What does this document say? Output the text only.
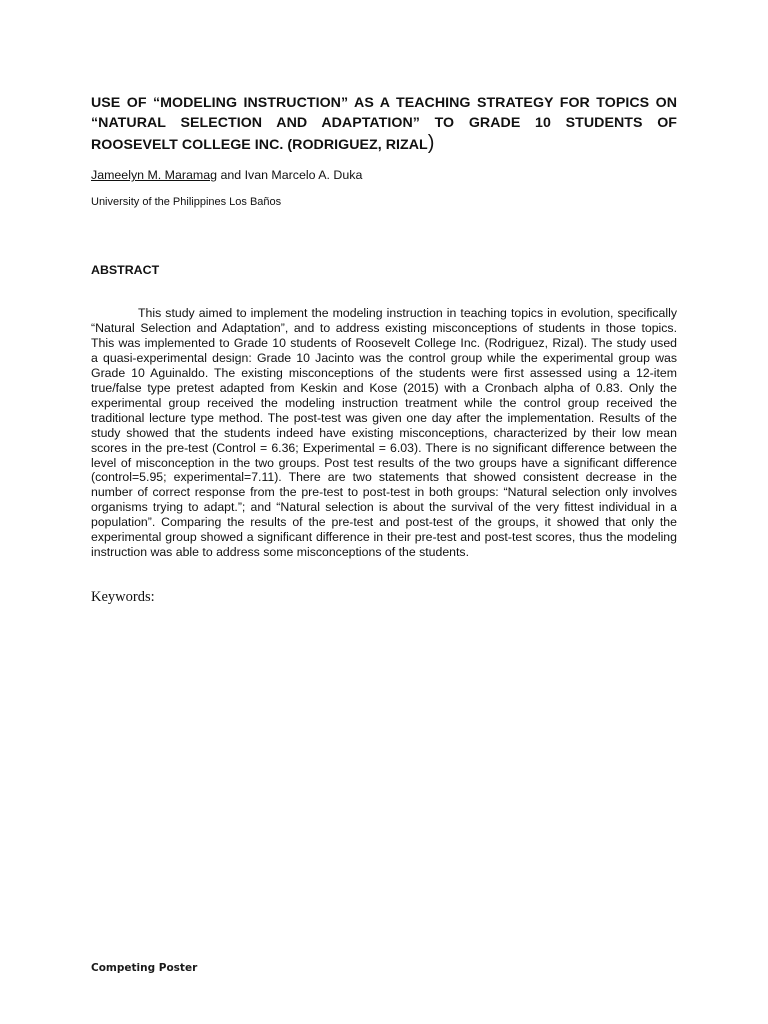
USE OF “MODELING INSTRUCTION” AS A TEACHING STRATEGY FOR TOPICS ON
“NATURAL SELECTION AND ADAPTATION” TO GRADE 10 STUDENTS OF
ROOSEVELT COLLEGE INC. (RODRIGUEZ, RIZAL)
Jameelyn M. Maramag and Ivan Marcelo A. Duka
University of the Philippines Los Baños
ABSTRACT
This study aimed to implement the modeling instruction in teaching topics in evolution, specifically
“Natural Selection and Adaptation”, and to address existing misconceptions of students in those topics.
This was implemented to Grade 10 students of Roosevelt College Inc. (Rodriguez, Rizal). The study used
a quasi-experimental design: Grade 10 Jacinto was the control group while the experimental group was
Grade 10 Aguinaldo. The existing misconceptions of the students were first assessed using a 12-item
true/false type pretest adapted from Keskin and Kose (2015) with a Cronbach alpha of 0.83. Only the
experimental group received the modeling instruction treatment while the control group received the
traditional lecture type method. The post-test was given one day after the implementation. Results of the
study showed that the students indeed have existing misconceptions, characterized by their low mean
scores in the pre-test (Control = 6.36; Experimental = 6.03). There is no significant difference between the
level of misconception in the two groups. Post test results of the two groups have a significant difference
(control=5.95; experimental=7.11). There are two statements that showed consistent decrease in the
number of correct response from the pre-test to post-test in both groups: “Natural selection only involves
organisms trying to adapt.”; and “Natural selection is about the survival of the very fittest individual in a
population”. Comparing the results of the pre-test and post-test of the groups, it showed that only the
experimental group showed a significant difference in their pre-test and post-test scores, thus the modeling
instruction was able to address some misconceptions of the students.
Keywords:
Competing Poster
